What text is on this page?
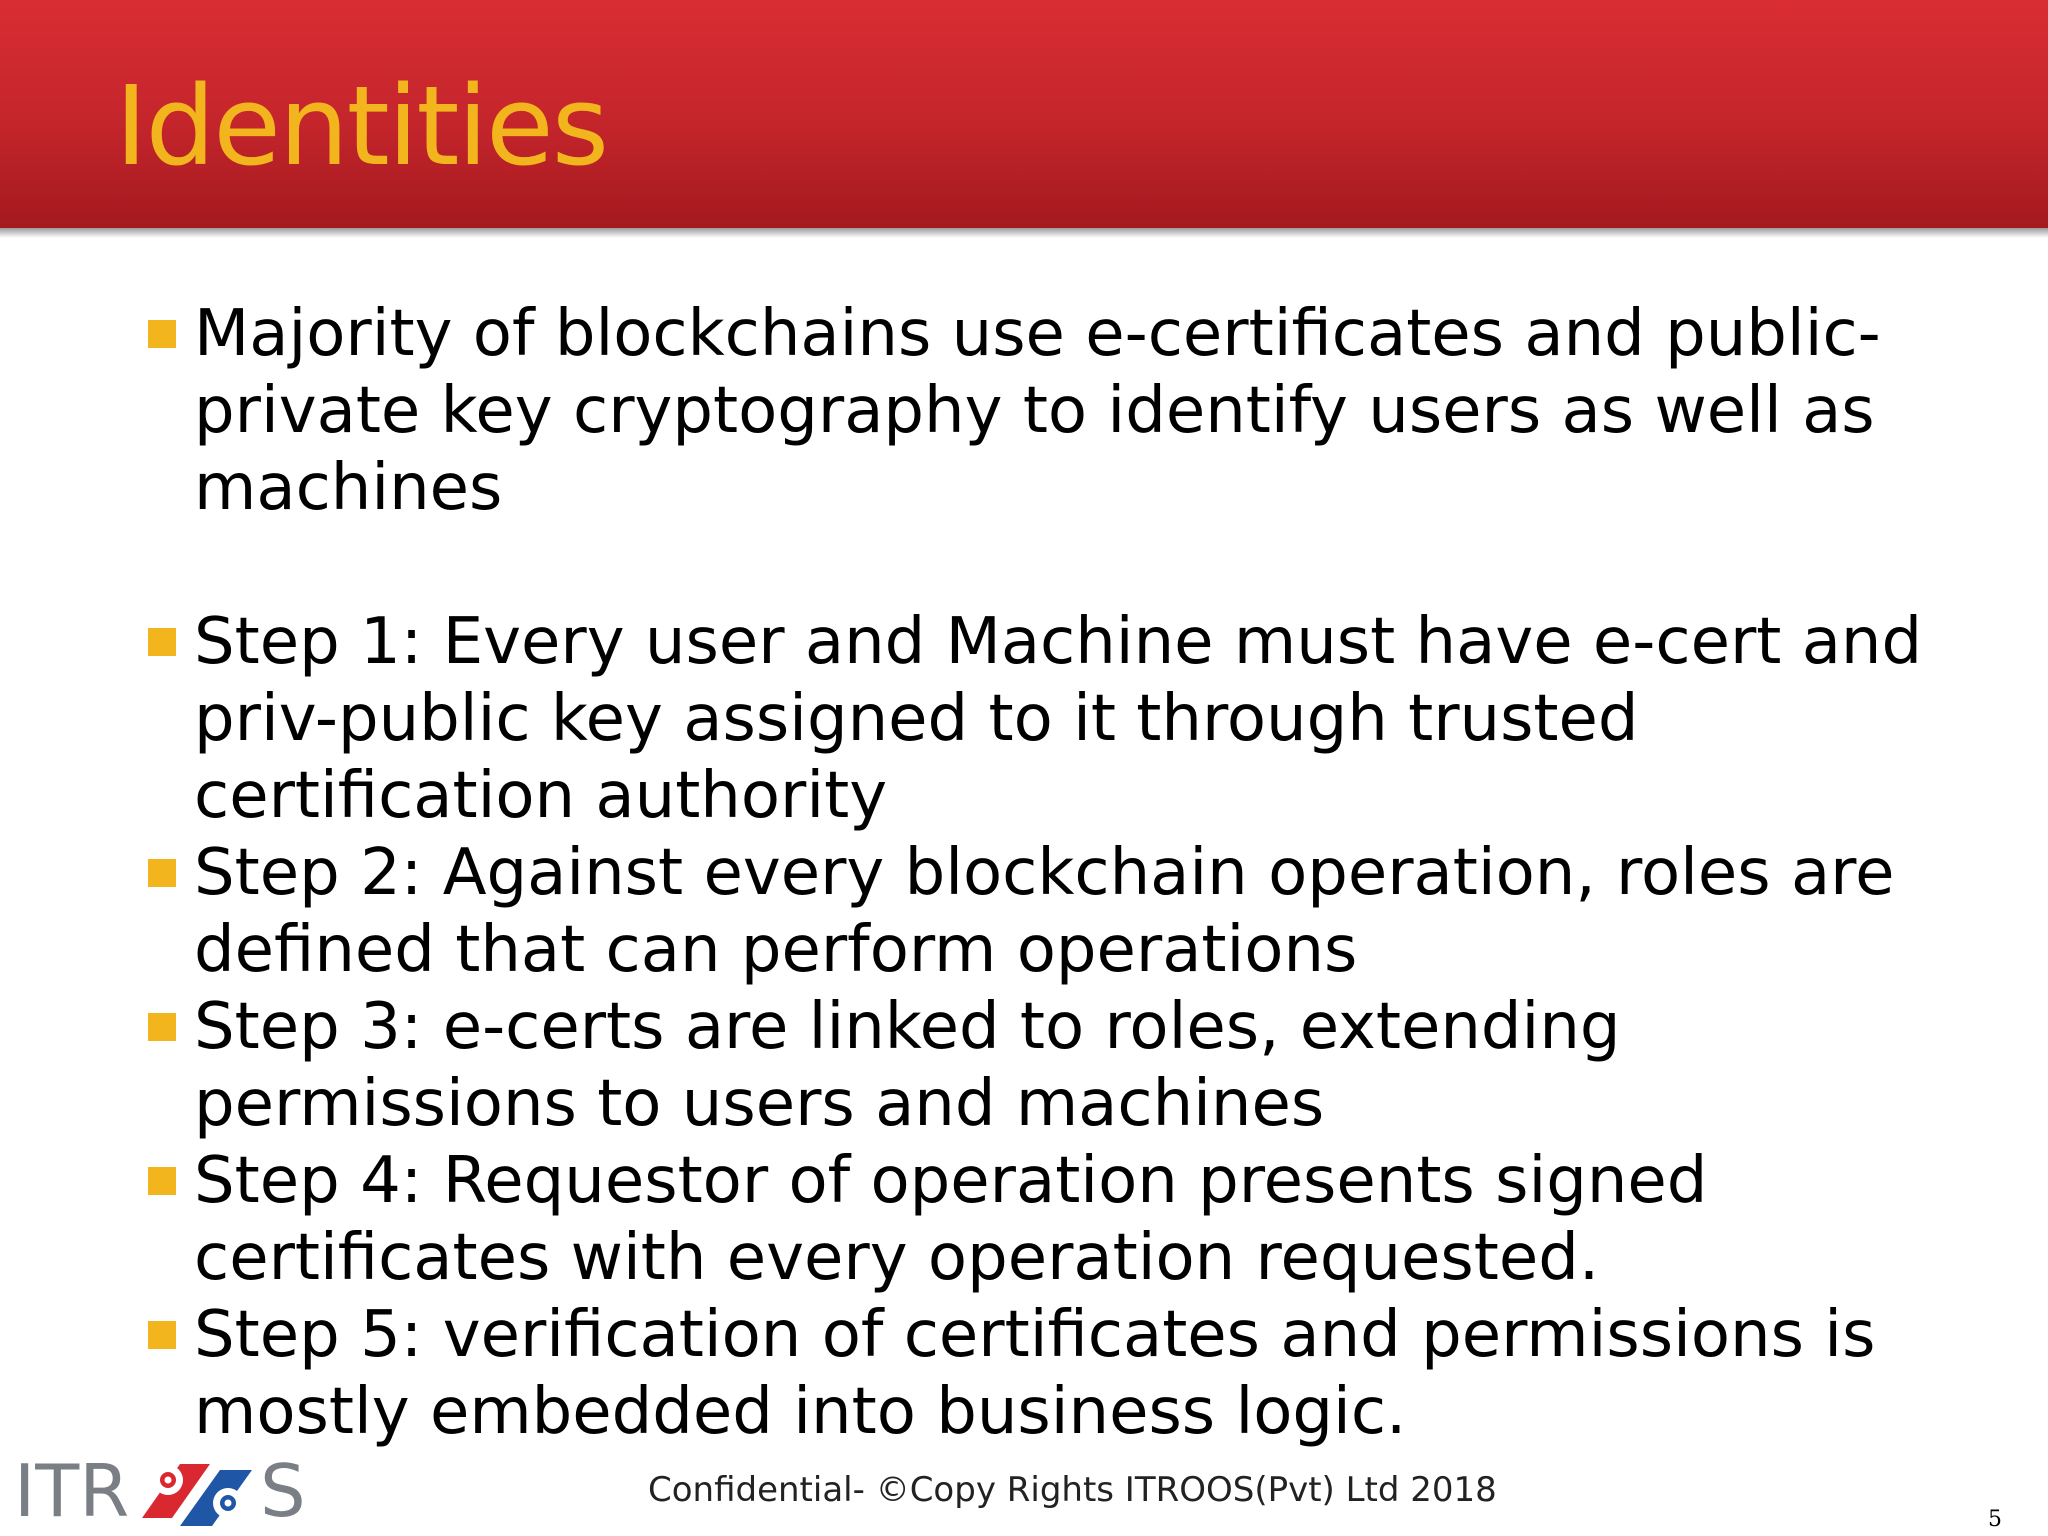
Identities
Majority of blockchains use e-certificates and public-private key cryptography to identify users as well as machines
Step 1: Every user and Machine must have e-cert and priv-public key assigned to it through trusted certification authority
Step 2: Against every blockchain operation, roles are defined that can perform operations
Step 3: e-certs are linked to roles, extending permissions to users and machines
Step 4: Requestor of operation presents signed certificates with every operation requested.
Step 5: verification of certificates and permissions is mostly embedded into business logic.
ITR S	Confidential- ©Copy Rights ITROOS(Pvt) Ltd 2018
5
